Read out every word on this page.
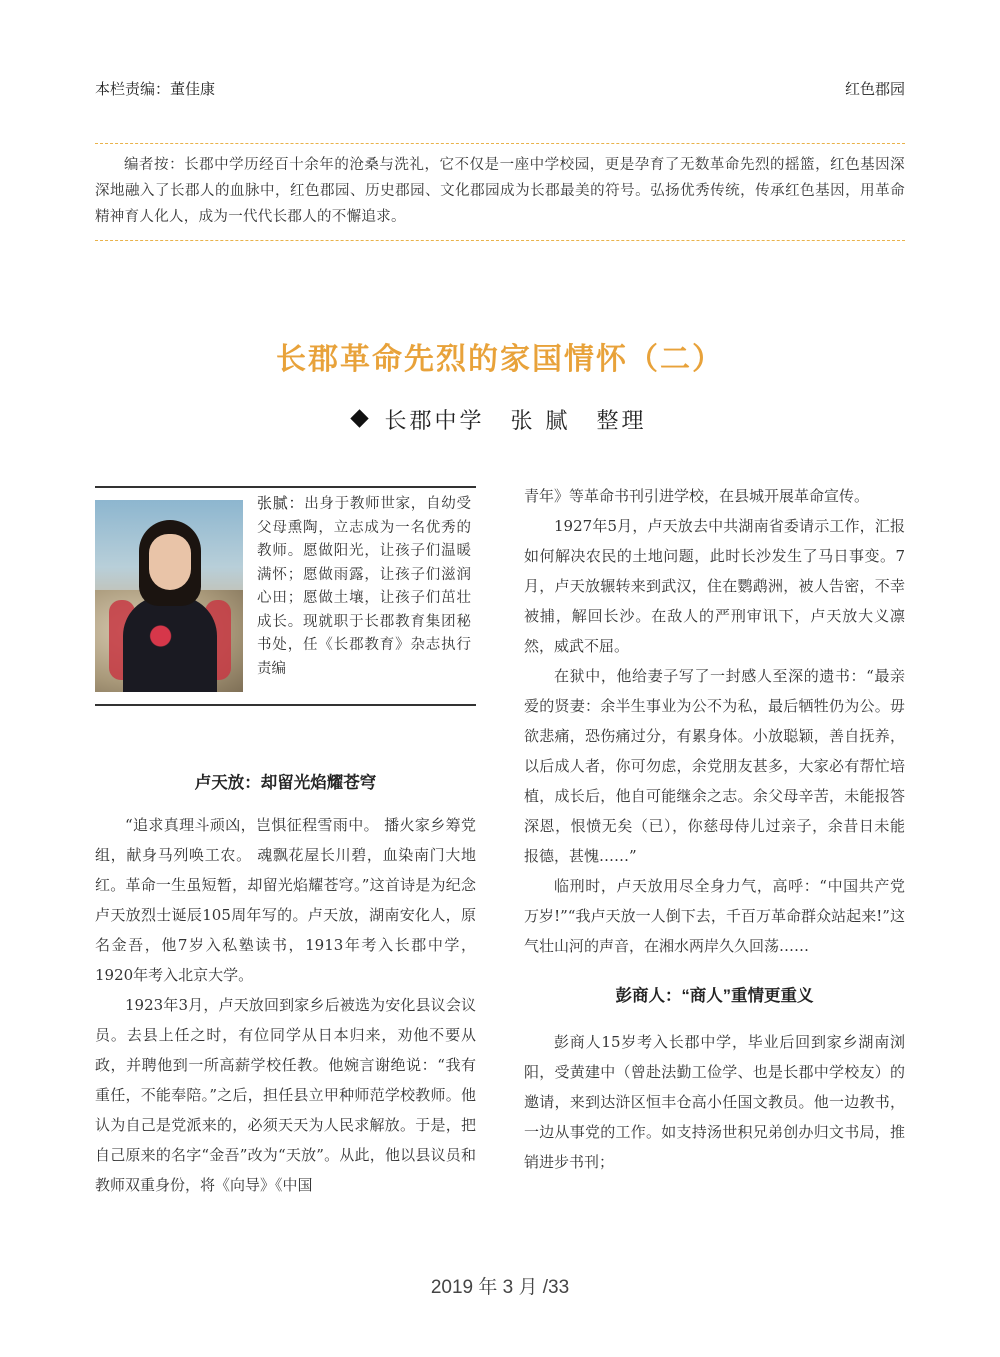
本栏责编：董佳康	红色郡园

编者按：长郡中学历经百十余年的沧桑与洗礼，它不仅是一座中学校园，更是孕育了无数革命先烈的摇篮，红色基因深深地融入了长郡人的血脉中，红色郡园、历史郡园、文化郡园成为长郡最美的符号。弘扬优秀传统，传承红色基因，用革命精神育人化人，成为一代代长郡人的不懈追求。

长郡革命先烈的家国情怀（二）
长郡中学 张 腻 整理
张腻：出身于教师世家，自幼受父母熏陶，立志成为一名优秀的教师。愿做阳光，让孩子们温暖满怀；愿做雨露，让孩子们滋润心田；愿做土壤，让孩子们茁壮成长。现就职于长郡教育集团秘书处，任《长郡教育》杂志执行责编
卢天放：却留光焰耀苍穹

“追求真理斗顽凶，岂惧征程雪雨中。 播火家乡筹党组，献身马列唤工农。 魂飘花屋长川碧，血染南门大地红。革命一生虽短暂，却留光焰耀苍穹。”这首诗是为纪念卢天放烈士诞辰105周年写的。卢天放，湖南安化人，原名金吾，他7岁入私塾读书，1913年考入长郡中学，1920年考入北京大学。

1923年3月，卢天放回到家乡后被选为安化县议会议员。去县上任之时，有位同学从日本归来，劝他不要从政，并聘他到一所高薪学校任教。他婉言谢绝说：“我有重任，不能奉陪。”之后，担任县立甲种师范学校教师。他认为自己是党派来的，必须天天为人民求解放。于是，把自己原来的名字“金吾”改为“天放”。从此，他以县议员和教师双重身份，将《向导》《中国

青年》等革命书刊引进学校，在县城开展革命宣传。

1927年5月，卢天放去中共湖南省委请示工作，汇报如何解决农民的土地问题，此时长沙发生了马日事变。7月，卢天放辗转来到武汉，住在鹦鹉洲，被人告密，不幸被捕，解回长沙。在敌人的严刑审讯下，卢天放大义凛然，威武不屈。

在狱中，他给妻子写了一封感人至深的遗书：“最亲爱的贤妻：余半生事业为公不为私，最后牺牲仍为公。毋欲悲痛，恐伤痛过分，有累身体。小放聪颖，善自抚养，以后成人者，你可勿虑，余党朋友甚多，大家必有帮忙培植，成长后，他自可能继余之志。余父母辛苦，未能报答深恩，恨愤无矣（已），你慈母侍儿过亲子，余昔日未能报德，甚愧……”

临刑时，卢天放用尽全身力气，高呼：“中国共产党万岁!”“我卢天放一人倒下去，千百万革命群众站起来!”这气壮山河的声音，在湘水两岸久久回荡……

彭商人：“商人”重情更重义

彭商人15岁考入长郡中学，毕业后回到家乡湖南浏阳，受黄建中（曾赴法勤工俭学、也是长郡中学校友）的邀请，来到达浒区恒丰仓高小任国文教员。他一边教书，一边从事党的工作。如支持汤世积兄弟创办归文书局，推销进步书刊；

2019 年 3 月 /33
